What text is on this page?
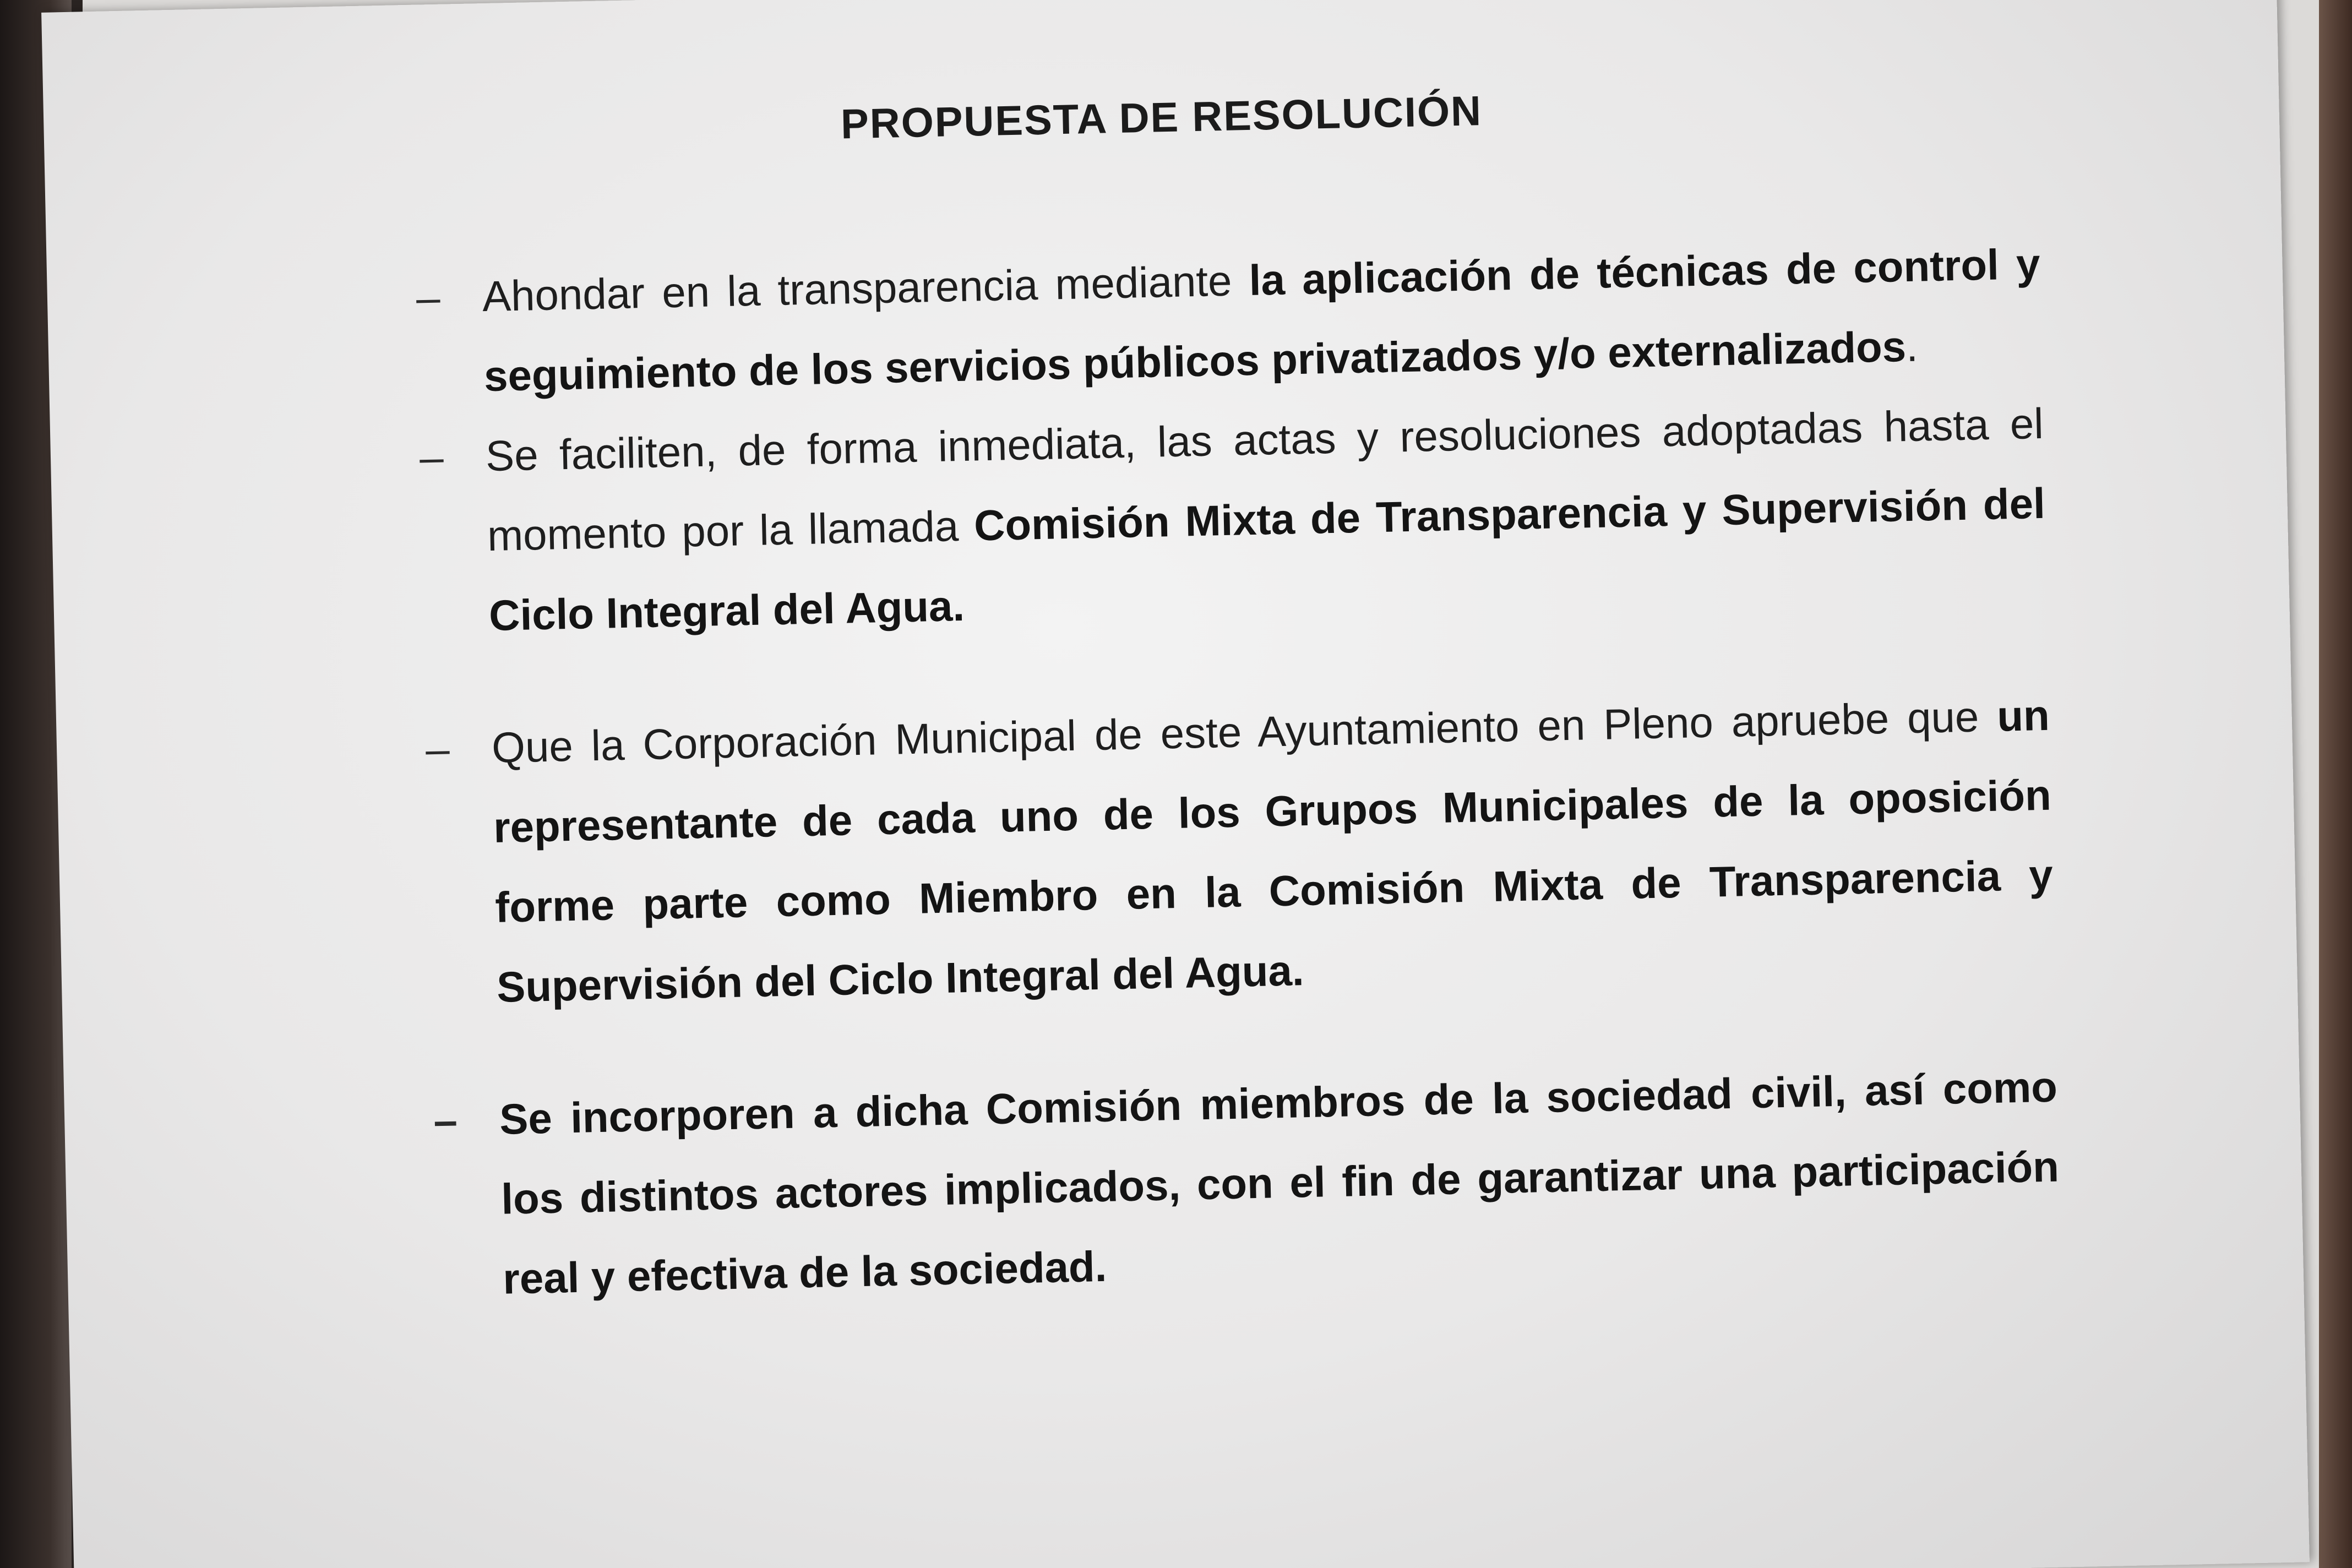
PROPUESTA DE RESOLUCIÓN
– Ahondar en la transparencia mediante la aplicación de técnicas de control y seguimiento de los servicios públicos privatizados y/o externalizados.
– Se faciliten, de forma inmediata, las actas y resoluciones adoptadas hasta el momento por la llamada Comisión Mixta de Transparencia y Supervisión del Ciclo Integral del Agua.
– Que la Corporación Municipal de este Ayuntamiento en Pleno apruebe que un representante de cada uno de los Grupos Municipales de la oposición forme parte como Miembro en la Comisión Mixta de Transparencia y Supervisión del Ciclo Integral del Agua.
– Se incorporen a dicha Comisión miembros de la sociedad civil, así como los distintos actores implicados, con el fin de garantizar una participación real y efectiva de la sociedad.
